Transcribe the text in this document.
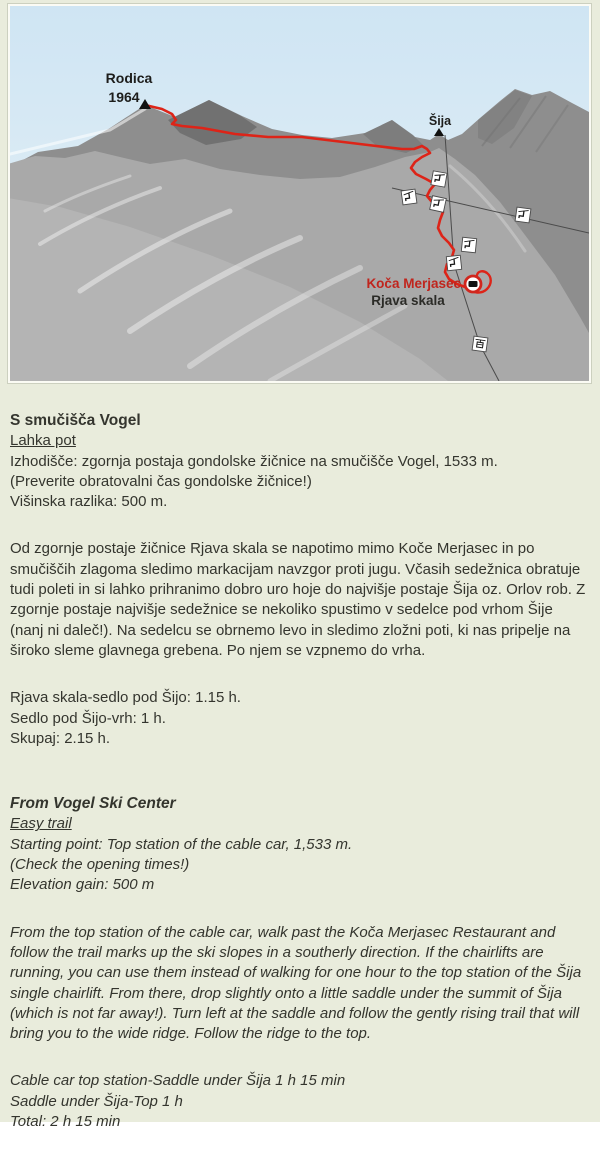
Rodica
1964
Šija
Koča Merjasec
Rjava skala
S smučišča Vogel
Lahka pot
Izhodišče: zgornja postaja gondolske žičnice na smučišče Vogel, 1533 m.
(Preverite obratovalni čas gondolske žičnice!)
Višinska razlika: 500 m.

Od zgornje postaje žičnice Rjava skala se napotimo mimo Koče Merjasec in po smučiščih zlagoma sledimo markacijam navzgor proti jugu. Včasih sedežnica obratuje tudi poleti in si lahko prihranimo dobro uro hoje do najvišje postaje Šija oz. Orlov rob. Z zgornje postaje najvišje sedežnice se nekoliko spustimo v sedelce pod vrhom Šije (nanj ni daleč!). Na sedelcu se obrnemo levo in sledimo zložni poti, ki nas pripelje na široko sleme glavnega grebena. Po njem se vzpnemo do vrha.

Rjava skala-sedlo pod Šijo: 1.15 h.
Sedlo pod Šijo-vrh: 1 h.
Skupaj: 2.15 h.
From Vogel Ski Center
Easy trail
Starting point: Top station of the cable car, 1,533 m.
(Check the opening times!)
Elevation gain: 500 m

From the top station of the cable car, walk past the Koča Merjasec Restaurant and follow the trail marks up the ski slopes in a southerly direction. If the chairlifts are running, you can use them instead of walking for one hour to the top station of the Šija single chairlift. From there, drop slightly onto a little saddle under the summit of Šija (which is not far away!). Turn left at the saddle and follow the gently rising trail that will bring you to the wide ridge. Follow the ridge to the top.

Cable car top station-Saddle under Šija 1 h 15 min
Saddle under Šija-Top 1 h
Total: 2 h 15 min
